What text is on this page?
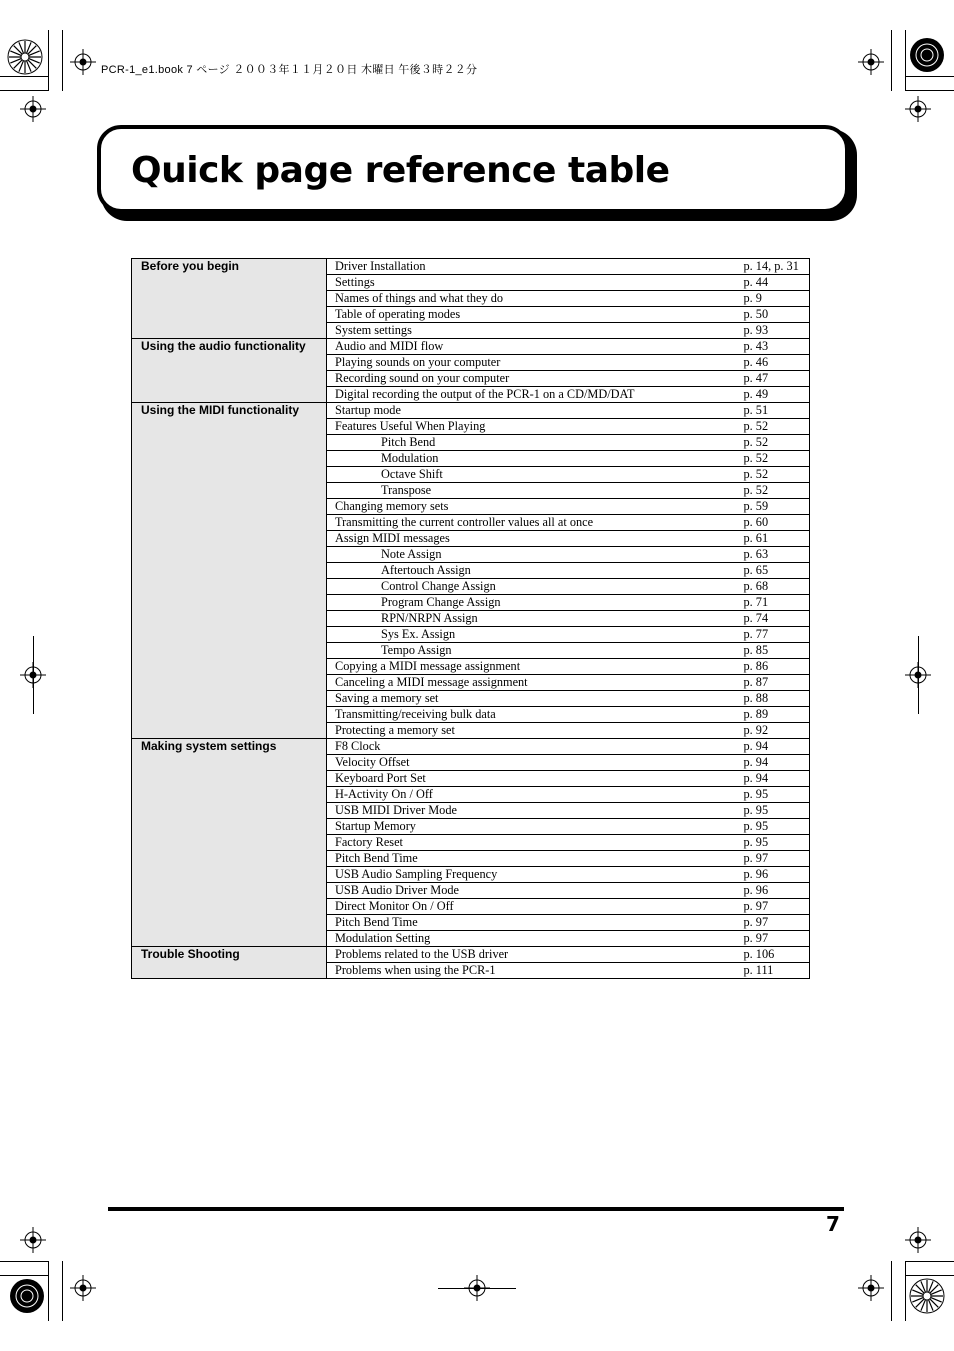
PCR-1_e1.book 7 ページ ２００３年１１月２０日 木曜日 午後３時２２分
Quick page reference table
Before you begin	Driver Installation	p. 14, p. 31
	Settings	p. 44
	Names of things and what they do	p. 9
	Table of operating modes	p. 50
	System settings	p. 93
Using the audio functionality	Audio and MIDI flow	p. 43
	Playing sounds on your computer	p. 46
	Recording sound on your computer	p. 47
	Digital recording the output of the PCR-1 on a CD/MD/DAT	p. 49
Using the MIDI functionality	Startup mode	p. 51
	Features Useful When Playing	p. 52
	Pitch Bend	p. 52
	Modulation	p. 52
	Octave Shift	p. 52
	Transpose	p. 52
	Changing memory sets	p. 59
	Transmitting the current controller values all at once	p. 60
	Assign MIDI messages	p. 61
	Note Assign	p. 63
	Aftertouch Assign	p. 65
	Control Change Assign	p. 68
	Program Change Assign	p. 71
	RPN/NRPN Assign	p. 74
	Sys Ex. Assign	p. 77
	Tempo Assign	p. 85
	Copying a MIDI message assignment	p. 86
	Canceling a MIDI message assignment	p. 87
	Saving a memory set	p. 88
	Transmitting/receiving bulk data	p. 89
	Protecting a memory set	p. 92
Making system settings	F8 Clock	p. 94
	Velocity Offset	p. 94
	Keyboard Port Set	p. 94
	H-Activity On / Off	p. 95
	USB MIDI Driver Mode	p. 95
	Startup Memory	p. 95
	Factory Reset	p. 95
	Pitch Bend Time	p. 97
	USB Audio Sampling Frequency	p. 96
	USB Audio Driver Mode	p. 96
	Direct Monitor On / Off	p. 97
	Pitch Bend Time	p. 97
	Modulation Setting	p. 97
Trouble Shooting	Problems related to the USB driver	p. 106
	Problems when using the PCR-1	p. 111
7
